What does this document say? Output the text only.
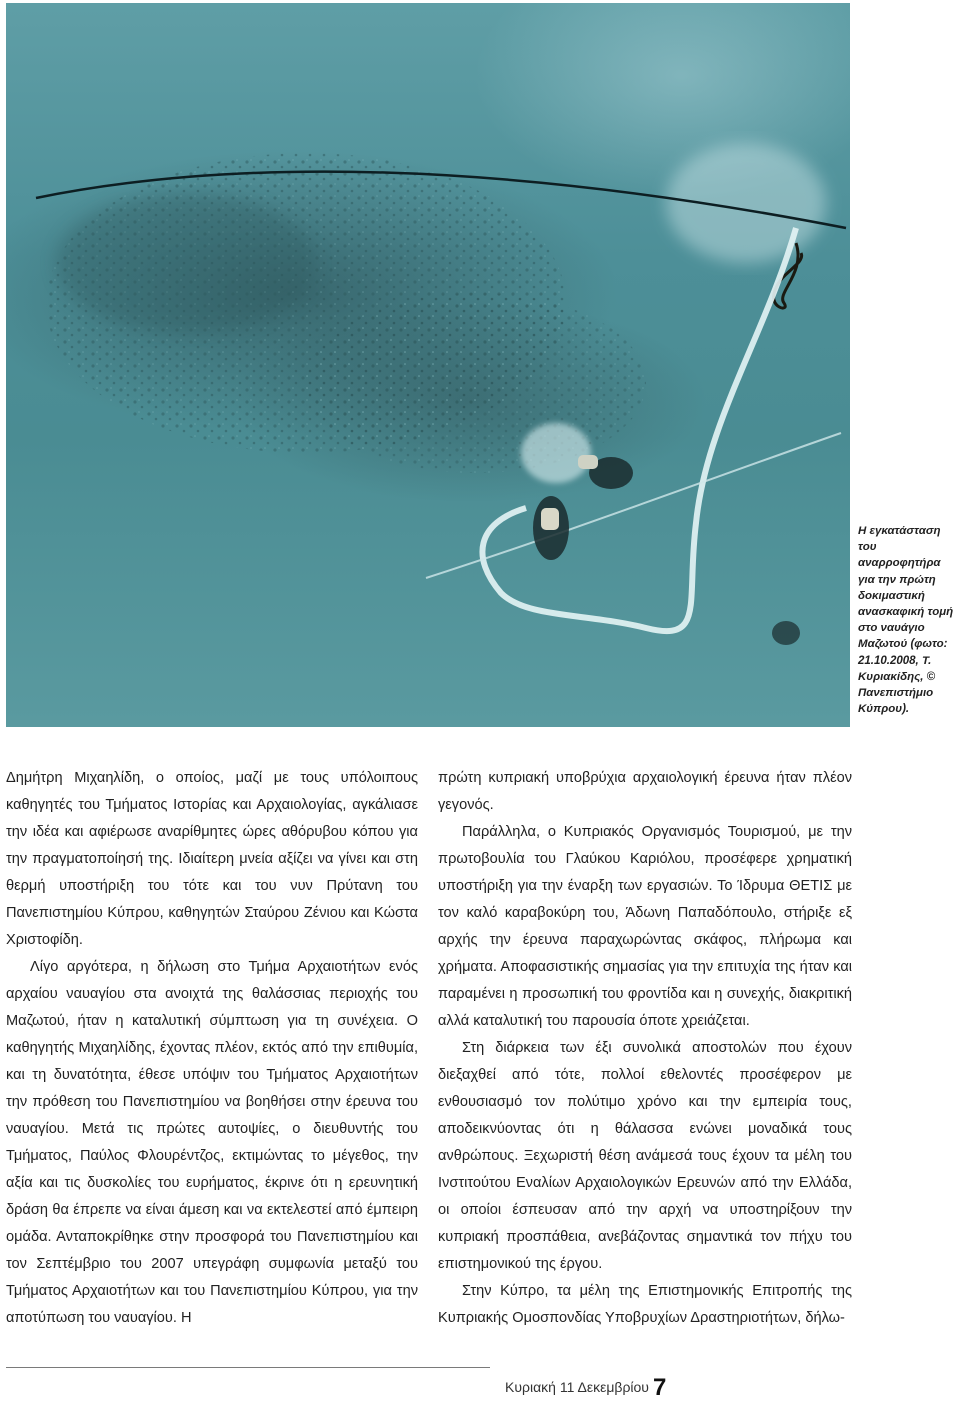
Η εγκατάσταση του αναρροφητήρα για την πρώτη δοκιμαστική ανασκαφική τομή στο ναυάγιο Μαζωτού (φωτο: 21.10.2008, Τ. Κυριακίδης, © Πανεπιστήμιο Κύπρου).

Δημήτρη Μιχαηλίδη, ο οποίος, μαζί με τους υπόλοιπους καθηγητές του Τμήματος Ιστορίας και Αρχαιολογίας, αγκάλιασε την ιδέα και αφιέρωσε αναρίθμητες ώρες αθόρυβου κόπου για την πραγματοποίησή της. Ιδιαίτερη μνεία αξίζει να γίνει και στη θερμή υποστήριξη του τότε και του νυν Πρύτανη του Πανεπιστημίου Κύπρου, καθηγητών Σταύρου Ζένιου και Κώστα Χριστοφίδη.

Λίγο αργότερα, η δήλωση στο Τμήμα Αρχαιοτήτων ενός αρχαίου ναυαγίου στα ανοιχτά της θαλάσσιας περιοχής του Μαζωτού, ήταν η καταλυτική σύμπτωση για τη συνέχεια. Ο καθηγητής Μιχαηλίδης, έχοντας πλέον, εκτός από την επιθυμία, και τη δυνατότητα, έθεσε υπόψιν του Τμήματος Αρχαιοτήτων την πρόθεση του Πανεπιστημίου να βοηθήσει στην έρευνα του ναυαγίου. Μετά τις πρώτες αυτοψίες, ο διευθυντής του Τμήματος, Παύλος Φλουρέντζος, εκτιμώντας το μέγεθος, την αξία και τις δυσκολίες του ευρήματος, έκρινε ότι η ερευνητική δράση θα έπρεπε να είναι άμεση και να εκτελεστεί από έμπειρη ομάδα. Ανταποκρίθηκε στην προσφορά του Πανεπιστημίου και τον Σεπτέμβριο του 2007 υπεγράφη συμφωνία μεταξύ του Τμήματος Αρχαιοτήτων και του Πανεπιστημίου Κύπρου, για την αποτύπωση του ναυαγίου. Η

πρώτη κυπριακή υποβρύχια αρχαιολογική έρευνα ήταν πλέον γεγονός.

Παράλληλα, ο Κυπριακός Οργανισμός Τουρισμού, με την πρωτοβουλία του Γλαύκου Καριόλου, προσέφερε χρηματική υποστήριξη για την έναρξη των εργασιών. Το Ίδρυμα ΘΕΤΙΣ με τον καλό καραβοκύρη του, Άδωνη Παπαδόπουλο, στήριξε εξ αρχής την έρευνα παραχωρώντας σκάφος, πλήρωμα και χρήματα. Αποφασιστικής σημασίας για την επιτυχία της ήταν και παραμένει η προσωπική του φροντίδα και η συνεχής, διακριτική αλλά καταλυτική του παρουσία όποτε χρειάζεται.

Στη διάρκεια των έξι συνολικά αποστολών που έχουν διεξαχθεί από τότε, πολλοί εθελοντές προσέφερον με ενθουσιασμό τον πολύτιμο χρόνο και την εμπειρία τους, αποδεικνύοντας ότι η θάλασσα ενώνει μοναδικά τους ανθρώπους. Ξεχωριστή θέση ανάμεσά τους έχουν τα μέλη του Ινστιτούτου Εναλίων Αρχαιολογικών Ερευνών από την Ελλάδα, οι οποίοι έσπευσαν από την αρχή να υποστηρίξουν την κυπριακή προσπάθεια, ανεβάζοντας σημαντικά τον πήχυ του επιστημονικού της έργου.

Στην Κύπρο, τα μέλη της Επιστημονικής Επιτροπής της Κυπριακής Ομοσπονδίας Υποβρυχίων Δραστηριοτήτων, δήλω-

Κυριακή 11 Δεκεμβρίου 7
